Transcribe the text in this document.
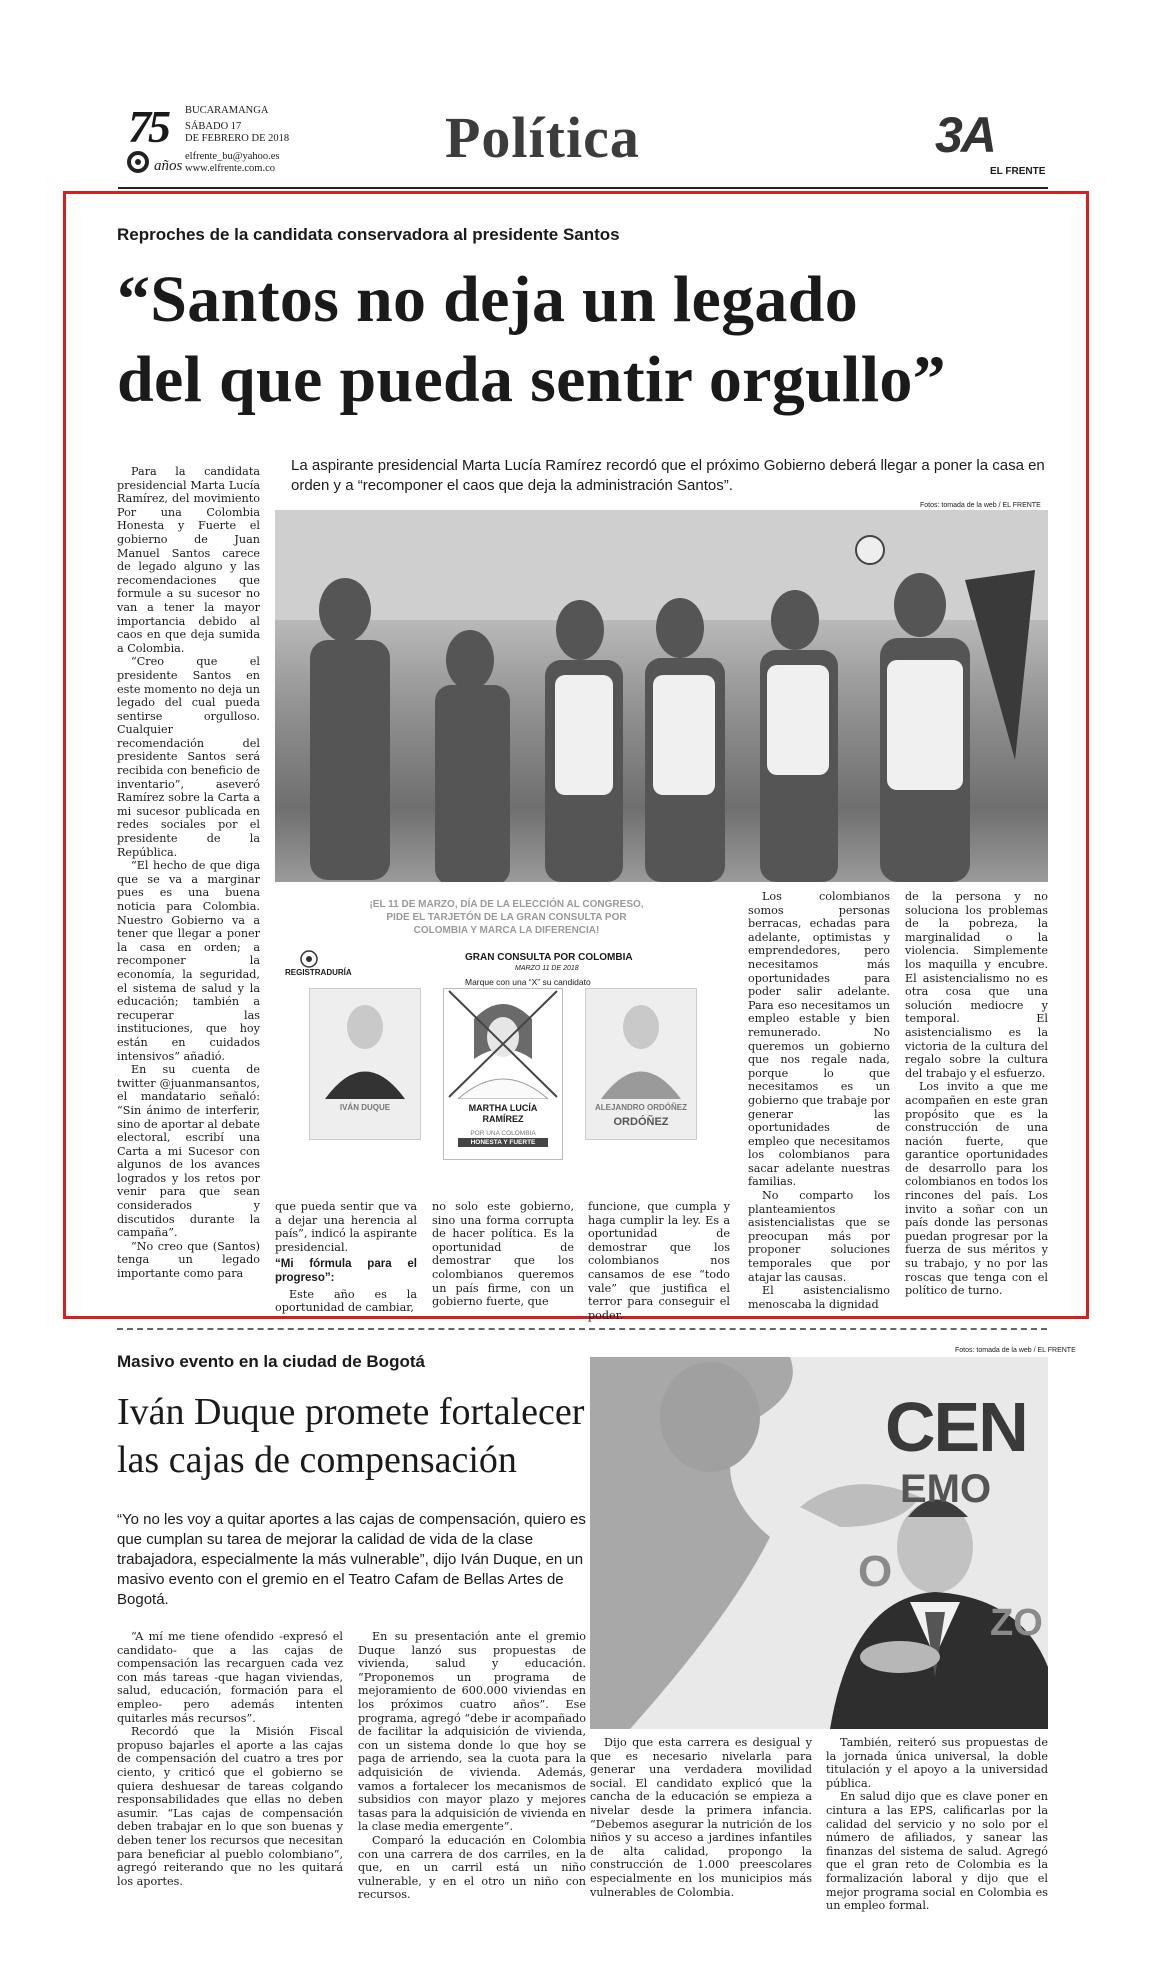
75
años
BUCARAMANGA
SÁBADO 17
DE FEBRERO DE 2018
elfrente_bu@yahoo.es
www.elfrente.com.co	Política	3A
EL FRENTE
Reproches de la candidata conservadora al presidente Santos
“Santos no deja un legado
del que pueda sentir orgullo”
La aspirante presidencial Marta Lucía Ramírez recordó que el próximo Gobierno deberá llegar a poner la casa en orden y a “recomponer el caos que deja la administración Santos”.
Fotos: tomada de la web / EL FRENTE

Para la candidata presidencial Marta Lucía Ramírez, del movimiento Por una Colombia Honesta y Fuerte el gobierno de Juan Manuel Santos carece de legado alguno y las recomendaciones que formule a su sucesor no van a tener la mayor importancia debido al caos en que deja sumida a Colombia.

“Creo que el presidente Santos en este momento no deja un legado del cual pueda sentirse orgulloso. Cualquier recomendación del presidente Santos será recibida con beneficio de inventario”, aseveró Ramírez sobre la Carta a mi sucesor publicada en redes sociales por el presidente de la República.

“El hecho de que diga que se va a marginar pues es una buena noticia para Colombia. Nuestro Gobierno va a tener que llegar a poner la casa en orden; a recomponer la economía, la seguridad, el sistema de salud y la educación; también a recuperar las instituciones, que hoy están en cuidados intensivos” añadió.

En su cuenta de twitter @juanmansantos, el mandatario señaló: “Sin ánimo de interferir, sino de aportar al debate electoral, escribí una Carta a mi Sucesor con algunos de los avances logrados y los retos por venir para que sean considerados y discutidos durante la campaña”.

“No creo que (Santos) tenga un legado importante como para

¡EL 11 DE MARZO, DÍA DE LA ELECCIÓN AL CONGRESO,
PIDE EL TARJETÓN DE LA GRAN CONSULTA POR
COLOMBIA Y MARCA LA DIFERENCIA!
GRAN CONSULTA POR COLOMBIA
MARZO 11 DE 2018
Marque con una “X” su candidato
REGISTRADURÍA
IVÁN DUQUE	MARTHA LUCÍA
RAMÍREZ
POR UNA COLOMBIA
HONESTA Y FUERTE
ALEJANDRO ORDÓÑEZ
ORDÓÑEZ

que pueda sentir que va a dejar una herencia al país”, indicó la aspirante presidencial.

“Mi fórmula para el progreso”:

Este año es la oportunidad de cambiar,

no solo este gobierno, sino una forma corrupta de hacer política. Es la oportunidad de demostrar que los colombianos queremos un país firme, con un gobierno fuerte, que

funcione, que cumpla y haga cumplir la ley. Es a oportunidad de demostrar que los colombianos nos cansamos de ese “todo vale” que justifica el terror para conseguir el poder.

Los colombianos somos personas berracas, echadas para adelante, optimistas y emprendedores, pero necesitamos más oportunidades para poder salir adelante. Para eso necesitamos un empleo estable y bien remunerado. No queremos un gobierno que nos regale nada, porque lo que necesitamos es un gobierno que trabaje por generar las oportunidades de empleo que necesitamos los colombianos para sacar adelante nuestras familias.

No comparto los planteamientos asistencialistas que se preocupan más por proponer soluciones temporales que por atajar las causas.

El asistencialismo menoscaba la dignidad

de la persona y no soluciona los problemas de la pobreza, la marginalidad o la violencia. Simplemente los maquilla y encubre. El asistencialismo no es otra cosa que una solución mediocre y temporal. El asistencialismo es la victoria de la cultura del regalo sobre la cultura del trabajo y el esfuerzo.

Los invito a que me acompañen en este gran propósito que es la construcción de una nación fuerte, que garantice oportunidades de desarrollo para los colombianos en todos los rincones del país. Los invito a soñar con un país donde las personas puedan progresar por la fuerza de sus méritos y su trabajo, y no por las roscas que tenga con el político de turno.

Masivo evento en la ciudad de Bogotá
Iván Duque promete fortalecer
las cajas de compensación
“Yo no les voy a quitar aportes a las cajas de compensación, quiero es que cumplan su tarea de mejorar la calidad de vida de la clase trabajadora, especialmente la más vulnerable”, dijo Iván Duque, en un masivo evento con el gremio en el Teatro Cafam de Bellas Artes de Bogotá.
Fotos: tomada de la web / EL FRENTE
CEN
EMO
O
ZO

“A mí me tiene ofendido -expresó el candidato- que a las cajas de compensación las recarguen cada vez con más tareas -que hagan viviendas, salud, educación, formación para el empleo- pero además intenten quitarles más recursos”.

Recordó que la Misión Fiscal propuso bajarles el aporte a las cajas de compensación del cuatro a tres por ciento, y criticó que el gobierno se quiera deshuesar de tareas colgando responsabilidades que ellas no deben asumir. “Las cajas de compensación deben trabajar en lo que son buenas y deben tener los recursos que necesitan para beneficiar al pueblo colombiano”, agregó reiterando que no les quitará los aportes.

En su presentación ante el gremio Duque lanzó sus propuestas de vivienda, salud y educación. “Proponemos un programa de mejoramiento de 600.000 viviendas en los próximos cuatro años”. Ese programa, agregó “debe ir acompañado de facilitar la adquisición de vivienda, con un sistema donde lo que hoy se paga de arriendo, sea la cuota para la adquisición de vivienda. Además, vamos a fortalecer los mecanismos de subsidios con mayor plazo y mejores tasas para la adquisición de vivienda en la clase media emergente”.

Comparó la educación en Colombia con una carrera de dos carriles, en la que, en un carril está un niño vulnerable, y en el otro un niño con recursos.

Dijo que esta carrera es desigual y que es necesario nivelarla para generar una verdadera movilidad social. El candidato explicó que la cancha de la educación se empieza a nivelar desde la primera infancia. “Debemos asegurar la nutrición de los niños y su acceso a jardines infantiles de alta calidad, propongo la construcción de 1.000 preescolares especialmente en los municipios más vulnerables de Colombia.

También, reiteró sus propuestas de la jornada única universal, la doble titulación y el apoyo a la universidad pública.

En salud dijo que es clave poner en cintura a las EPS, calificarlas por la calidad del servicio y no solo por el número de afiliados, y sanear las finanzas del sistema de salud. Agregó que el gran reto de Colombia es la formalización laboral y dijo que el mejor programa social en Colombia es un empleo formal.
